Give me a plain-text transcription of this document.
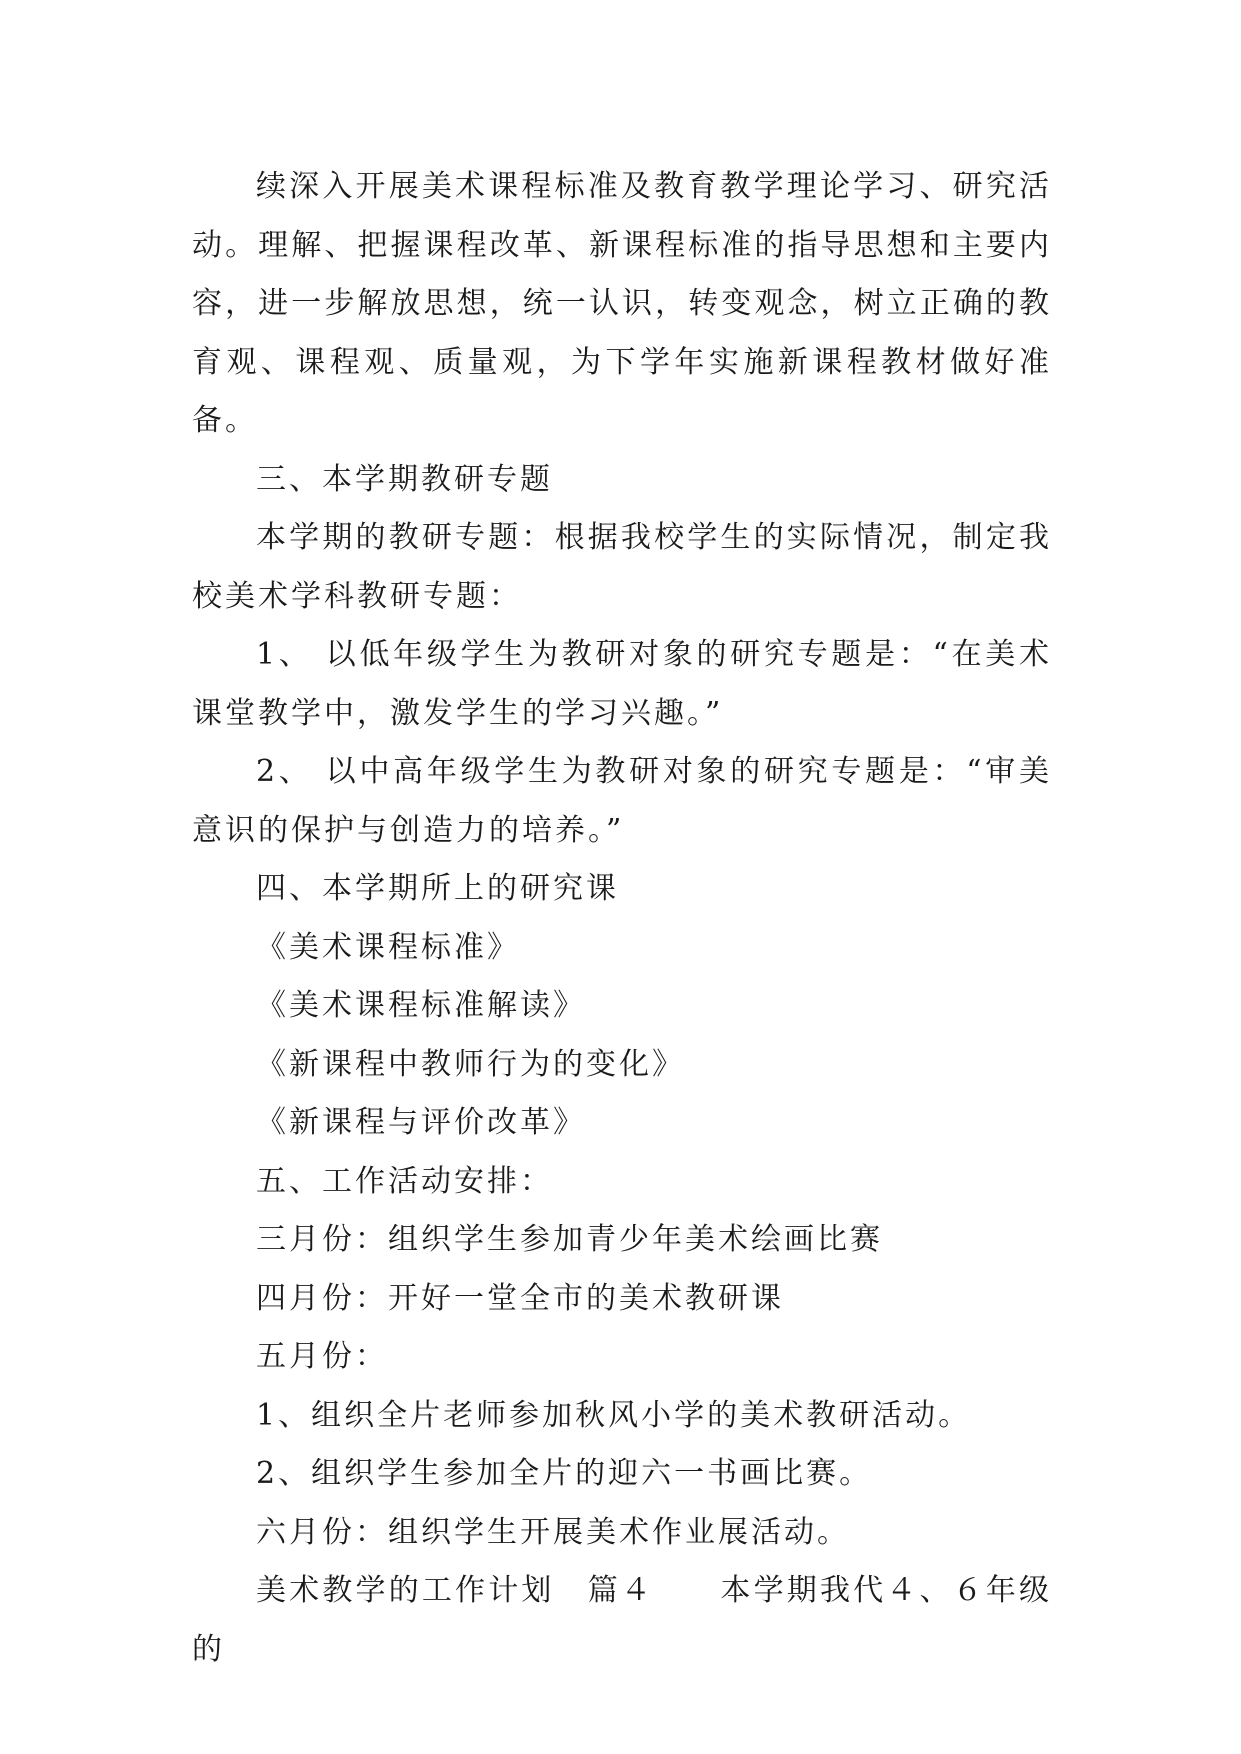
续深入开展美术课程标准及教育教学理论学习、研究活动。理解、把握课程改革、新课程标准的指导思想和主要内容，进一步解放思想，统一认识，转变观念，树立正确的教育观、课程观、质量观，为下学年实施新课程教材做好准备。

三、本学期教研专题

本学期的教研专题：根据我校学生的实际情况，制定我校美术学科教研专题：

1、 以低年级学生为教研对象的研究专题是：“在美术课堂教学中，激发学生的学习兴趣。”

2、 以中高年级学生为教研对象的研究专题是：“审美意识的保护与创造力的培养。”

四、本学期所上的研究课

《美术课程标准》

《美术课程标准解读》

《新课程中教师行为的变化》

《新课程与评价改革》

五、工作活动安排：

三月份：组织学生参加青少年美术绘画比赛

四月份：开好一堂全市的美术教研课

五月份：

1、组织全片老师参加秋风小学的美术教研活动。

2、组织学生参加全片的迎六一书画比赛。

六月份：组织学生开展美术作业展活动。

美术教学的工作计划　篇４　　本学期我代４、６年级的
